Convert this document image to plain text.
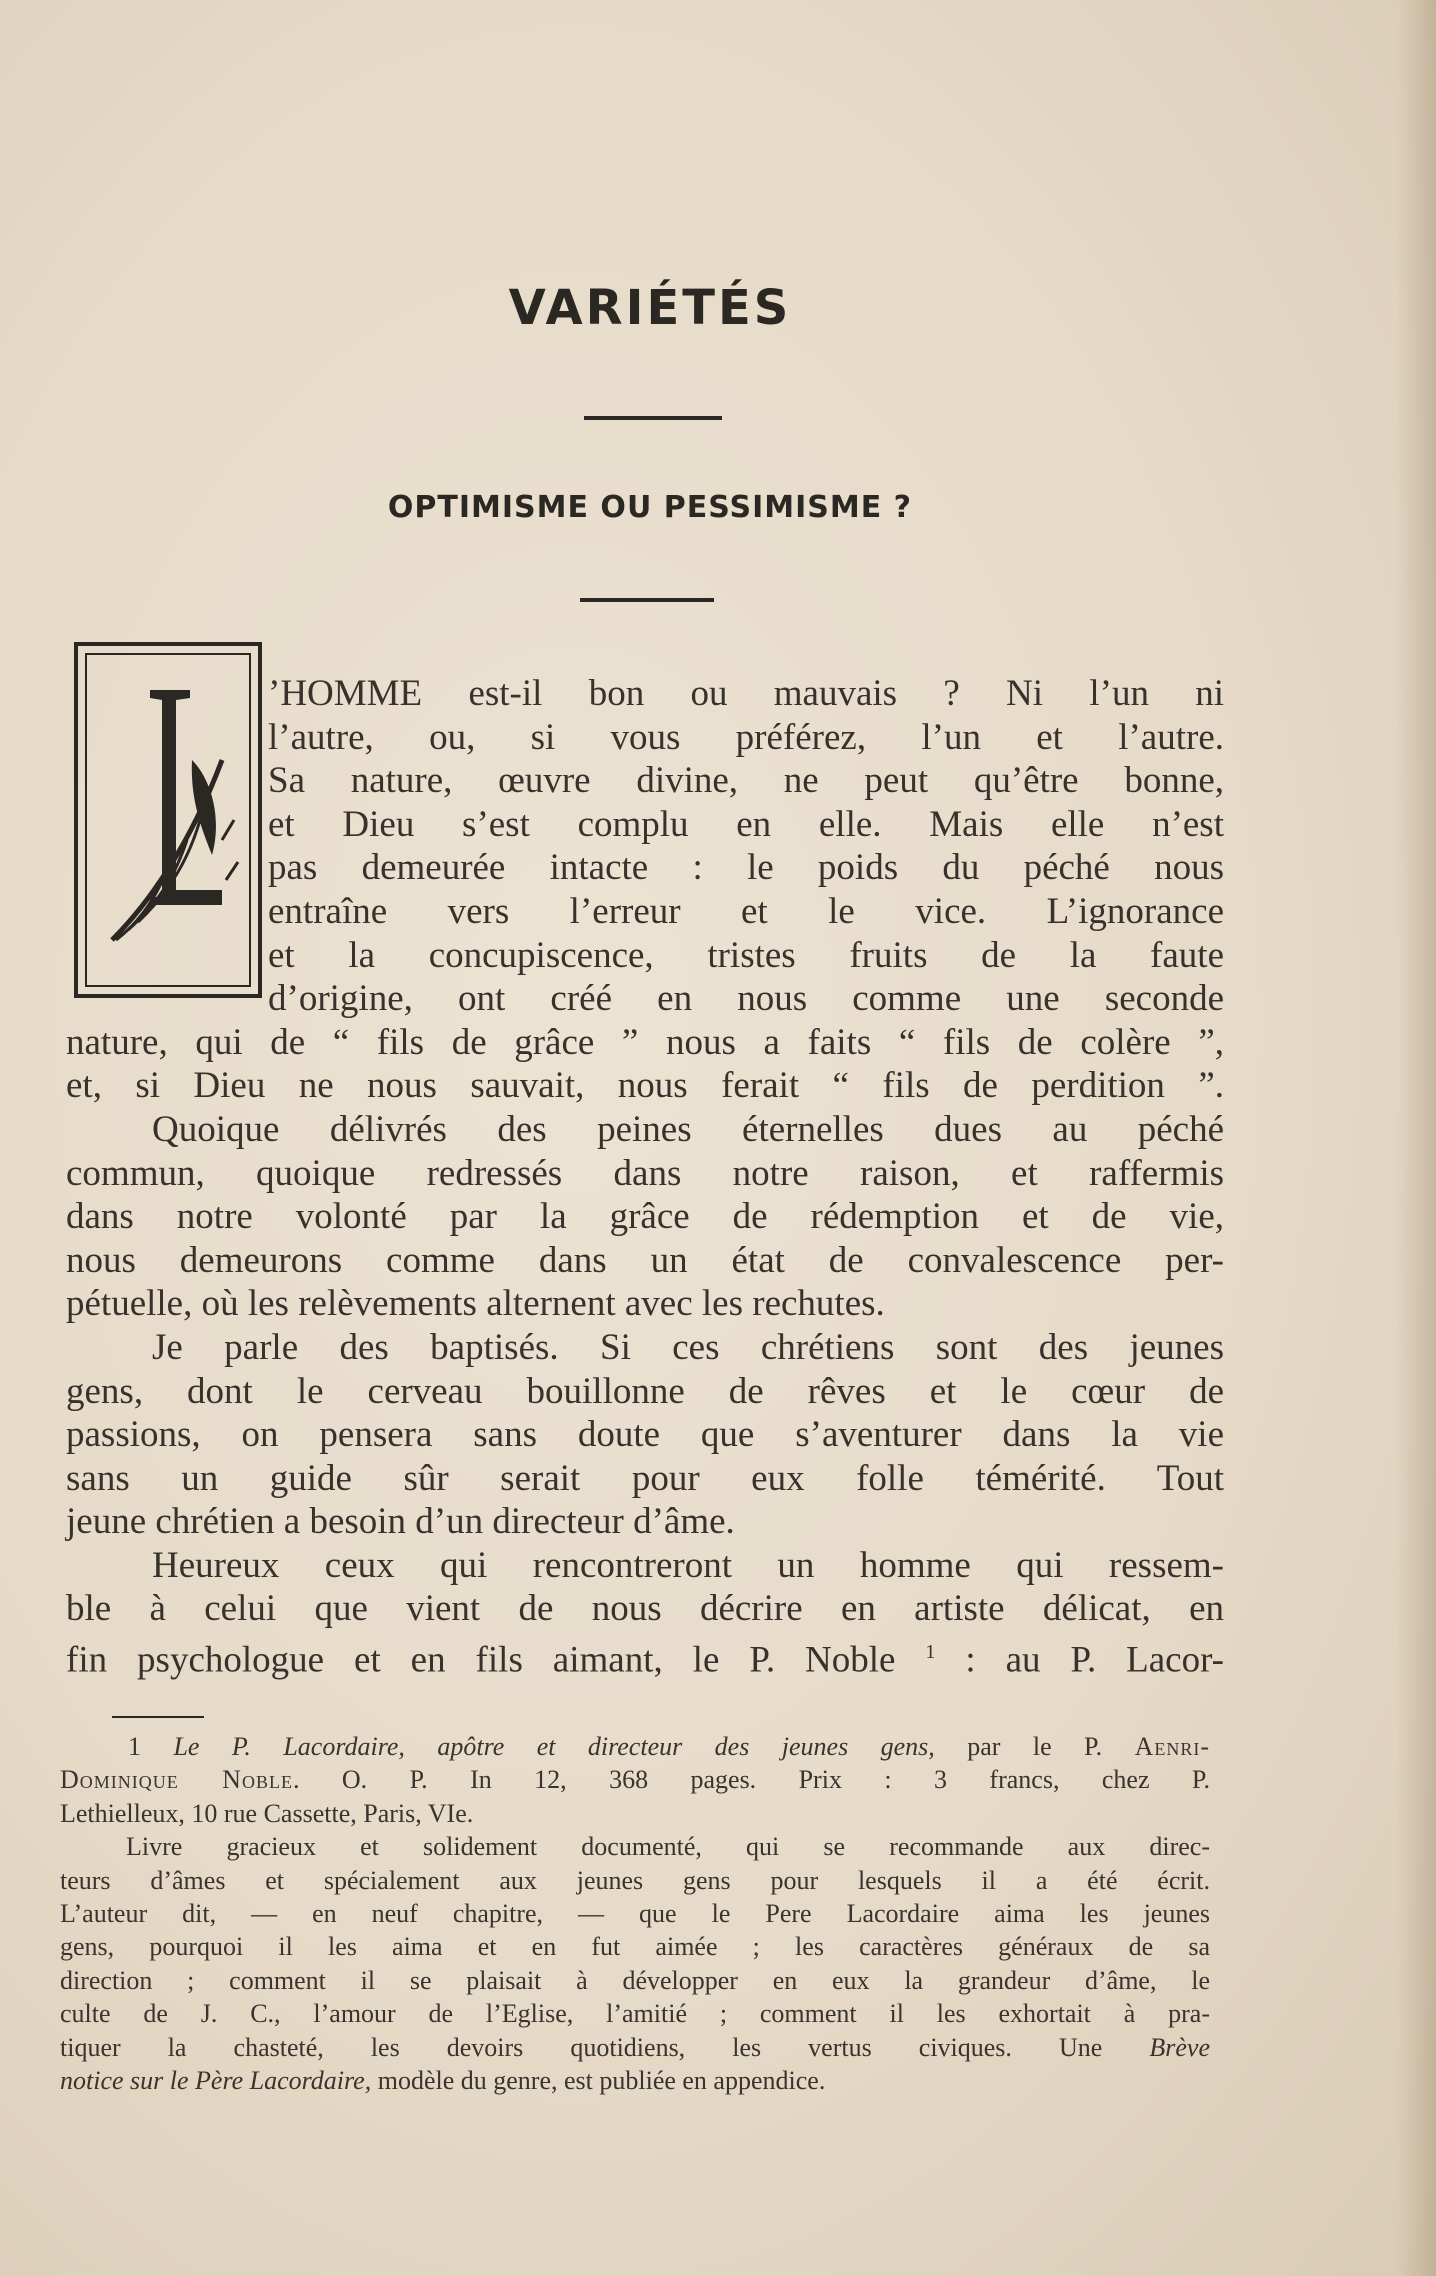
VARIÉTÉS
OPTIMISME OU PESSIMISME ?
’HOMME est-il bon ou mauvais ? Ni l’un ni
l’autre, ou, si vous préférez, l’un et l’autre.
Sa nature, œuvre divine, ne peut qu’être bonne,
et Dieu s’est complu en elle. Mais elle n’est
pas demeurée intacte : le poids du péché nous
entraîne vers l’erreur et le vice. L’ignorance
et la concupiscence, tristes fruits de la faute
d’origine, ont créé en nous comme une seconde
nature, qui de “ fils de grâce ” nous a faits “ fils de colère ”,
et, si Dieu ne nous sauvait, nous ferait “ fils de perdition ”.
Quoique délivrés des peines éternelles dues au péché
commun, quoique redressés dans notre raison, et raffermis
dans notre volonté par la grâce de rédemption et de vie,
nous demeurons comme dans un état de convalescence per-
pétuelle, où les relèvements alternent avec les rechutes.
Je parle des baptisés. Si ces chrétiens sont des jeunes
gens, dont le cerveau bouillonne de rêves et le cœur de
passions, on pensera sans doute que s’aventurer dans la vie
sans un guide sûr serait pour eux folle témérité. Tout
jeune chrétien a besoin d’un directeur d’âme.
Heureux ceux qui rencontreront un homme qui ressem-
ble à celui que vient de nous décrire en artiste délicat, en
fin psychologue et en fils aimant, le P. Noble $^1$ : au P. Lacor-
1 Le P. Lacordaire, apôtre et directeur des jeunes gens, par le P. Aenri-
Dominique Noble. O. P. In 12, 368 pages. Prix : 3 francs, chez P.
Lethielleux, 10 rue Cassette, Paris, VIe.
Livre gracieux et solidement documenté, qui se recommande aux direc-
teurs d’âmes et spécialement aux jeunes gens pour lesquels il a été écrit.
L’auteur dit, — en neuf chapitre, — que le Pere Lacordaire aima les jeunes
gens, pourquoi il les aima et en fut aimée ; les caractères généraux de sa
direction ; comment il se plaisait à développer en eux la grandeur d’âme, le
culte de J. C., l’amour de l’Eglise, l’amitié ; comment il les exhortait à pra-
tiquer la chasteté, les devoirs quotidiens, les vertus civiques. Une Brève
notice sur le Père Lacordaire, modèle du genre, est publiée en appendice.
